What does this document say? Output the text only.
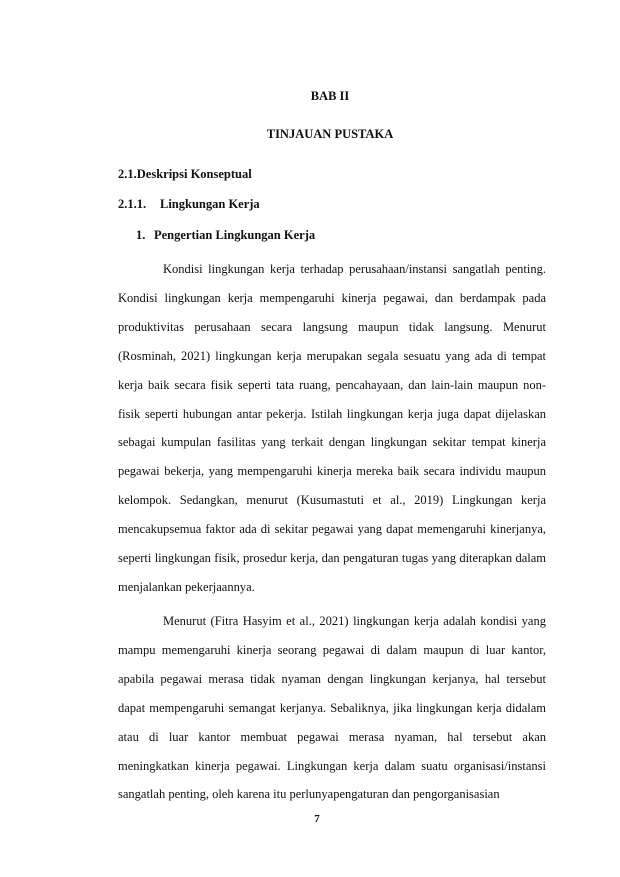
BAB II
TINJAUAN PUSTAKA
2.1.Deskripsi Konseptual
2.1.1. Lingkungan Kerja
1. Pengertian Lingkungan Kerja

Kondisi lingkungan kerja terhadap perusahaan/instansi sangatlah penting. Kondisi lingkungan kerja mempengaruhi kinerja pegawai, dan berdampak pada produktivitas perusahaan secara langsung maupun tidak langsung. Menurut (Rosminah, 2021) lingkungan kerja merupakan segala sesuatu yang ada di tempat kerja baik secara fisik seperti tata ruang, pencahayaan, dan lain-lain maupun non-fisik seperti hubungan antar pekerja. Istilah lingkungan kerja juga dapat dijelaskan sebagai kumpulan fasilitas yang terkait dengan lingkungan sekitar tempat kinerja pegawai bekerja, yang mempengaruhi kinerja mereka baik secara individu maupun kelompok. Sedangkan, menurut (Kusumastuti et al., 2019) Lingkungan kerja mencakupsemua faktor ada di sekitar pegawai yang dapat memengaruhi kinerjanya, seperti lingkungan fisik, prosedur kerja, dan pengaturan tugas yang diterapkan dalam menjalankan pekerjaannya.

Menurut (Fitra Hasyim et al., 2021) lingkungan kerja adalah kondisi yang mampu memengaruhi kinerja seorang pegawai di dalam maupun di luar kantor, apabila pegawai merasa tidak nyaman dengan lingkungan kerjanya, hal tersebut dapat mempengaruhi semangat kerjanya. Sebaliknya, jika lingkungan kerja didalam atau di luar kantor membuat pegawai merasa nyaman, hal tersebut akan meningkatkan kinerja pegawai. Lingkungan kerja dalam suatu organisasi/instansi sangatlah penting, oleh karena itu perlunyapengaturan dan pengorganisasian

7
